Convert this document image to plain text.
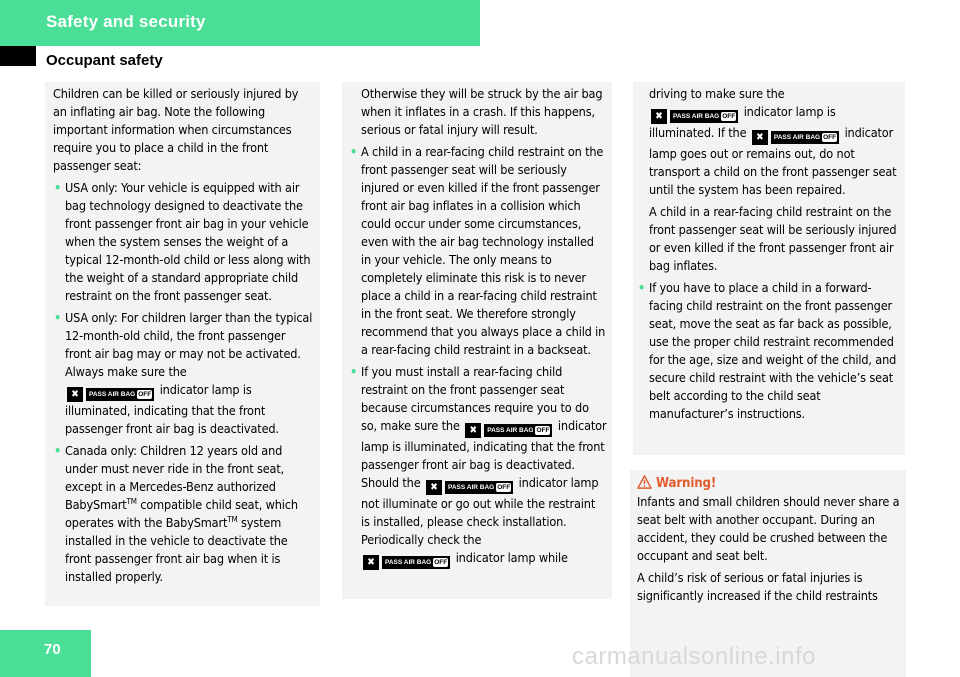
Safety and security
Occupant safety

Children can be killed or seriously injured by an inflating air bag. Note the following important information when circumstances require you to place a child in the front passenger seat:

• USA only: Your vehicle is equipped with air bag technology designed to deactivate the front passenger front air bag in your vehicle when the system senses the weight of a typical 12-month-old child or less along with the weight of a standard appropriate child restraint on the front passenger seat.

• USA only: For children larger than the typical 12-month-old child, the front passenger front air bag may or may not be activated. Always make sure the

✖	PASS AIR BAG OFF indicator lamp is illuminated, indicating that the front passenger front air bag is deactivated.

• Canada only: Children 12 years old and under must never ride in the front seat, except in a Mercedes-Benz authorized BabySmart™ compatible child seat, which operates with the BabySmart™ system installed in the vehicle to deactivate the front passenger front air bag when it is installed properly.

Otherwise they will be struck by the air bag when it inflates in a crash. If this happens, serious or fatal injury will result.

• A child in a rear-facing child restraint on the front passenger seat will be seriously injured or even killed if the front passenger front air bag inflates in a collision which could occur under some circumstances, even with the air bag technology installed in your vehicle. The only means to completely eliminate this risk is to never place a child in a rear-facing child restraint in the front seat. We therefore strongly recommend that you always place a child in a rear-facing child restraint in a backseat.

• If you must install a rear-facing child restraint on the front passenger seat because circumstances require you to do so, make sure the ✖	PASS AIR BAG OFF indicator lamp is illuminated, indicating that the front passenger front air bag is deactivated. Should the ✖	PASS AIR BAG OFF indicator lamp not illuminate or go out while the restraint is installed, please check installation. Periodically check the

✖	PASS AIR BAG OFF indicator lamp while

driving to make sure the

✖	PASS AIR BAG OFF indicator lamp is illuminated. If the ✖	PASS AIR BAG OFF indicator lamp goes out or remains out, do not transport a child on the front passenger seat until the system has been repaired.

A child in a rear-facing child restraint on the front passenger seat will be seriously injured or even killed if the front passenger front air bag inflates.

• If you have to place a child in a forward-facing child restraint on the front passenger seat, move the seat as far back as possible, use the proper child restraint recommended for the age, size and weight of the child, and secure child restraint with the vehicle’s seat belt according to the child seat manufacturer’s instructions.

Warning!

Infants and small children should never share a seat belt with another occupant. During an accident, they could be crushed between the occupant and seat belt.

A child’s risk of serious or fatal injuries is significantly increased if the child restraints

70	carmanualsonline.info
